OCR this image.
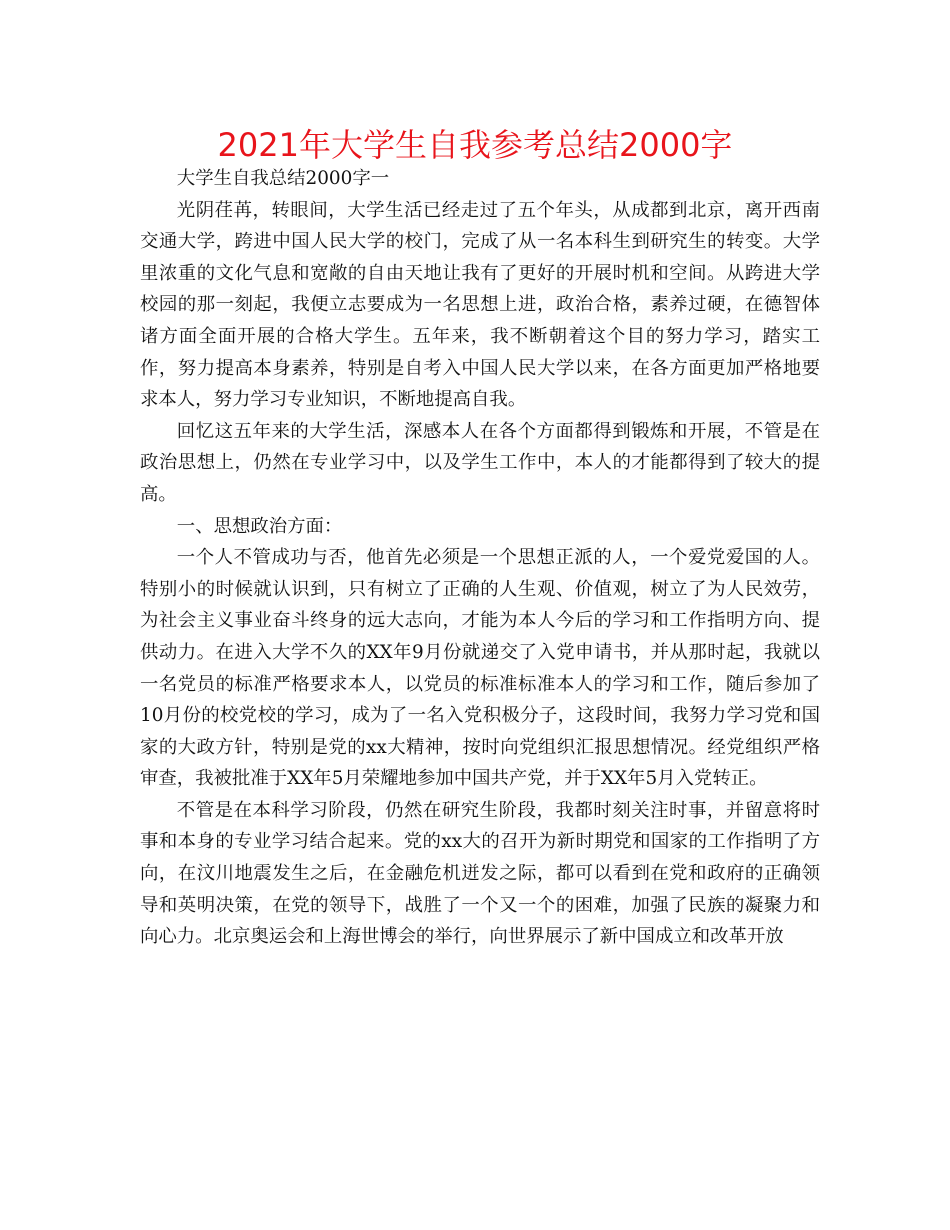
2021年大学生自我参考总结2000字

大学生自我总结2000字一

光阴荏苒，转眼间，大学生活已经走过了五个年头，从成都到北京，离开西南交通大学，跨进中国人民大学的校门，完成了从一名本科生到研究生的转变。大学里浓重的文化气息和宽敞的自由天地让我有了更好的开展时机和空间。从跨进大学校园的那一刻起，我便立志要成为一名思想上进，政治合格，素养过硬，在德智体诸方面全面开展的合格大学生。五年来，我不断朝着这个目的努力学习，踏实工作，努力提高本身素养，特别是自考入中国人民大学以来，在各方面更加严格地要求本人，努力学习专业知识，不断地提高自我。

回忆这五年来的大学生活，深感本人在各个方面都得到锻炼和开展，不管是在政治思想上，仍然在专业学习中，以及学生工作中，本人的才能都得到了较大的提高。

一、思想政治方面：

一个人不管成功与否，他首先必须是一个思想正派的人，一个爱党爱国的人。特别小的时候就认识到，只有树立了正确的人生观、价值观，树立了为人民效劳，为社会主义事业奋斗终身的远大志向，才能为本人今后的学习和工作指明方向、提供动力。在进入大学不久的XX年9月份就递交了入党申请书，并从那时起，我就以一名党员的标准严格要求本人，以党员的标准标准本人的学习和工作，随后参加了10月份的校党校的学习，成为了一名入党积极分子，这段时间，我努力学习党和国家的大政方针，特别是党的xx大精神，按时向党组织汇报思想情况。经党组织严格审查，我被批准于XX年5月荣耀地参加中国共产党，并于XX年5月入党转正。

不管是在本科学习阶段，仍然在研究生阶段，我都时刻关注时事，并留意将时事和本身的专业学习结合起来。党的xx大的召开为新时期党和国家的工作指明了方向，在汶川地震发生之后，在金融危机迸发之际，都可以看到在党和政府的正确领导和英明决策，在党的领导下，战胜了一个又一个的困难，加强了民族的凝聚力和向心力。北京奥运会和上海世博会的举行，向世界展示了新中国成立和改革开放
